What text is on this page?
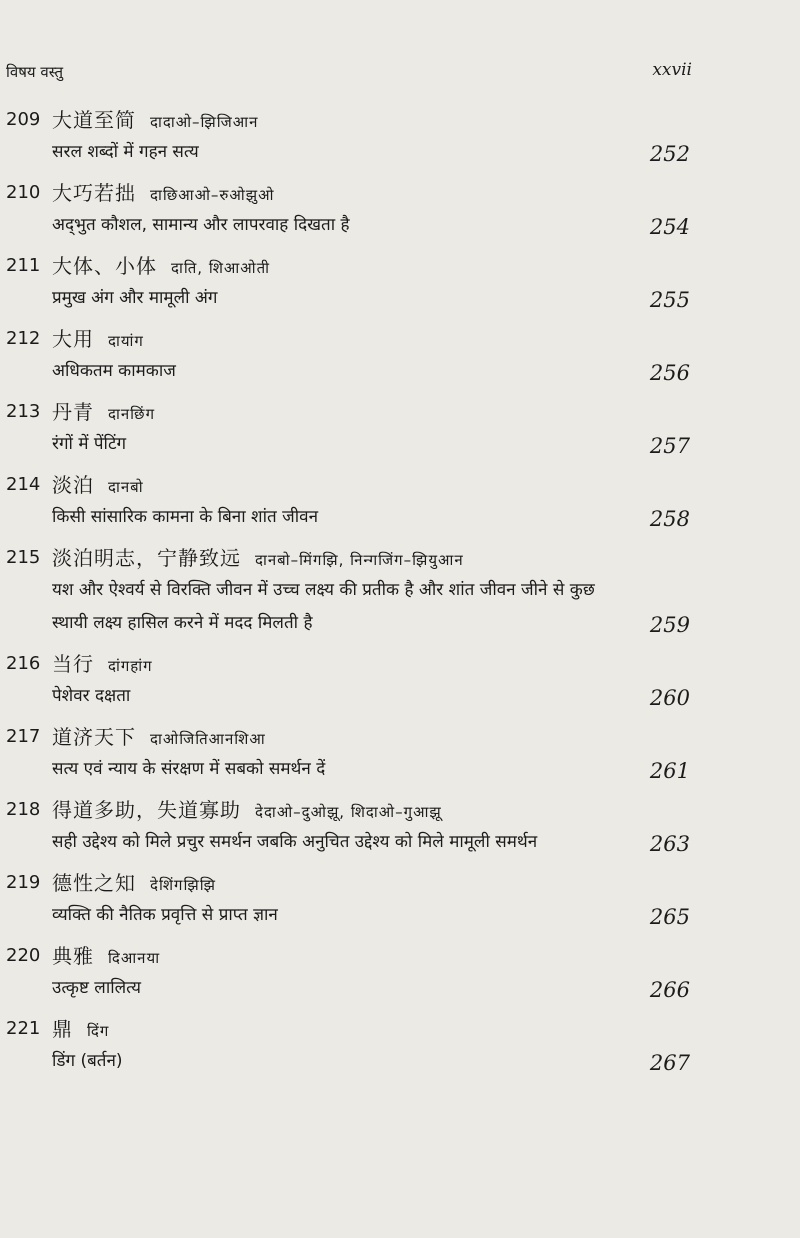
विषय वस्तु	xxvii
209 大道至简 दादाओ–झिजिआन
सरल शब्दों में गहन सत्य	252
210 大巧若拙 दाछिआओ–रुओझुओ
अद्‌भुत कौशल, सामान्य और लापरवाह दिखता है	254
211 大体、小体 दाति, शिआओती
प्रमुख अंग और मामूली अंग	255
212 大用 दायांग
अधिकतम कामकाज	256
213 丹青 दानछिंग
रंगों में पेंटिंग	257
214 淡泊 दानबो
किसी सांसारिक कामना के बिना शांत जीवन	258
215 淡泊明志，宁静致远 दानबो–मिंगझि, निन्गजिंग–झियुआन
यश और ऐश्वर्य से विरक्ति जीवन में उच्च लक्ष्य की प्रतीक है और शांत जीवन जीने से कुछ स्थायी लक्ष्य हासिल करने में मदद मिलती है	259
216 当行 दांगहांग
पेशेवर दक्षता	260
217 道济天下 दाओजितिआनशिआ
सत्य एवं न्याय के संरक्षण में सबको समर्थन दें	261
218 得道多助，失道寡助 देदाओ–दुओझू, शिदाओ–गुआझू
सही उद्देश्य को मिले प्रचुर समर्थन जबकि अनुचित उद्देश्य को मिले मामूली समर्थन	263
219 德性之知 देशिंगझिझि
व्यक्ति की नैतिक प्रवृत्ति से प्राप्त ज्ञान	265
220 典雅 दिआनया
उत्कृष्ट लालित्य	266
221 鼎 दिंग
डिंग (बर्तन)	267
